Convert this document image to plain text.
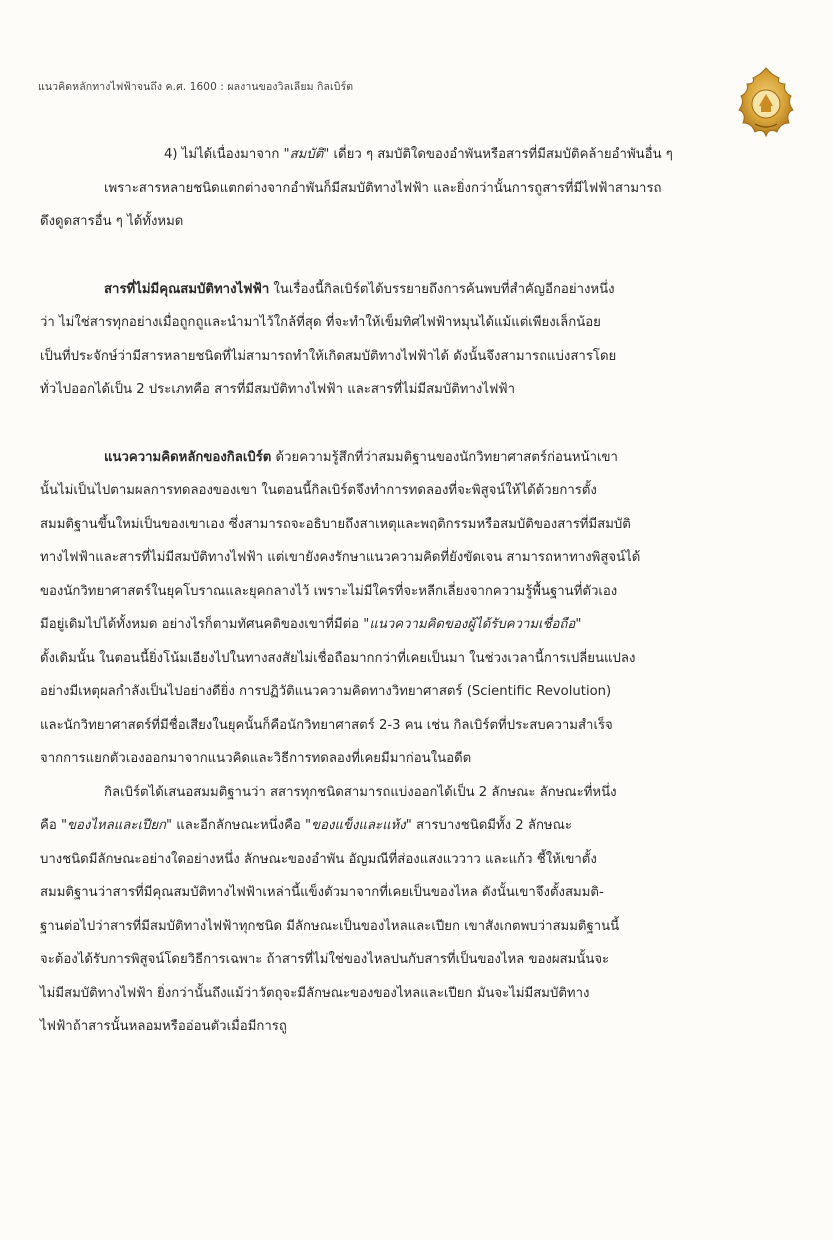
แนวคิดหลักทางไฟฟ้าจนถึง ค.ศ. 1600 : ผลงานของวิลเลียม กิลเบิร์ต
4) ไม่ได้เนื่องมาจาก "สมบัติ" เดี่ยว ๆ สมบัติใดของอำพันหรือสารที่มีสมบัติคล้ายอำพันอื่น ๆ
เพราะสารหลายชนิดแตกต่างจากอำพันก็มีสมบัติทางไฟฟ้า และยิ่งกว่านั้นการถูสารที่มีไฟฟ้าสามารถ
ดึงดูดสารอื่น ๆ ได้ทั้งหมด
สารที่ไม่มีคุณสมบัติทางไฟฟ้า ในเรื่องนี้กิลเบิร์ตได้บรรยายถึงการค้นพบที่สำคัญอีกอย่างหนึ่ง
ว่า ไม่ใช่สารทุกอย่างเมื่อถูกถูและนำมาไว้ใกล้ที่สุด ที่จะทำให้เข็มทิศไฟฟ้าหมุนได้แม้แต่เพียงเล็กน้อย
เป็นที่ประจักษ์ว่ามีสารหลายชนิดที่ไม่สามารถทำให้เกิดสมบัติทางไฟฟ้าได้ ดังนั้นจึงสามารถแบ่งสารโดย
ทั่วไปออกได้เป็น 2 ประเภทคือ สารที่มีสมบัติทางไฟฟ้า และสารที่ไม่มีสมบัติทางไฟฟ้า
แนวความคิดหลักของกิลเบิร์ต ด้วยความรู้สึกที่ว่าสมมติฐานของนักวิทยาศาสตร์ก่อนหน้าเขา
นั้นไม่เป็นไปตามผลการทดลองของเขา ในตอนนี้กิลเบิร์ตจึงทำการทดลองที่จะพิสูจน์ให้ได้ด้วยการตั้ง
สมมติฐานขึ้นใหม่เป็นของเขาเอง ซึ่งสามารถจะอธิบายถึงสาเหตุและพฤติกรรมหรือสมบัติของสารที่มีสมบัติ
ทางไฟฟ้าและสารที่ไม่มีสมบัติทางไฟฟ้า แต่เขายังคงรักษาแนวความคิดที่ยังขัดเจน สามารถหาทางพิสูจน์ได้
ของนักวิทยาศาสตร์ในยุคโบราณและยุคกลางไว้ เพราะไม่มีใครที่จะหลีกเลี่ยงจากความรู้พื้นฐานที่ตัวเอง
มีอยู่เดิมไปได้ทั้งหมด อย่างไรก็ตามทัศนคติของเขาที่มีต่อ "แนวความคิดของผู้ได้รับความเชื่อถือ"
ดั้งเดิมนั้น ในตอนนี้ยิ่งโน้มเอียงไปในทางสงสัยไม่เชื่อถือมากกว่าที่เคยเป็นมา ในช่วงเวลานี้การเปลี่ยนแปลง
อย่างมีเหตุผลกำลังเป็นไปอย่างดียิ่ง การปฏิวัติแนวความคิดทางวิทยาศาสตร์ (Scientific Revolution)
และนักวิทยาศาสตร์ที่มีชื่อเสียงในยุคนั้นก็คือนักวิทยาศาสตร์ 2-3 คน เช่น กิลเบิร์ตที่ประสบความสำเร็จ
จากการแยกตัวเองออกมาจากแนวคิดและวิธีการทดลองที่เคยมีมาก่อนในอดีต
กิลเบิร์ตได้เสนอสมมติฐานว่า สสารทุกชนิดสามารถแบ่งออกได้เป็น 2 ลักษณะ ลักษณะที่หนึ่ง
คือ "ของไหลและเปียก" และอีกลักษณะหนึ่งคือ "ของแข็งและแห้ง" สารบางชนิดมีทั้ง 2 ลักษณะ
บางชนิดมีลักษณะอย่างใดอย่างหนึ่ง ลักษณะของอำพัน อัญมณีที่ส่องแสงแววาว และแก้ว ชี้ให้เขาตั้ง
สมมติฐานว่าสารที่มีคุณสมบัติทางไฟฟ้าเหล่านี้แข็งตัวมาจากที่เคยเป็นของไหล ดังนั้นเขาจึงตั้งสมมติ-
ฐานต่อไปว่าสารที่มีสมบัติทางไฟฟ้าทุกชนิด มีลักษณะเป็นของไหลและเปียก เขาสังเกตพบว่าสมมติฐานนี้
จะต้องได้รับการพิสูจน์โดยวิธีการเฉพาะ ถ้าสารที่ไม่ใช่ของไหลปนกับสารที่เป็นของไหล ของผสมนั้นจะ
ไม่มีสมบัติทางไฟฟ้า ยิ่งกว่านั้นถึงแม้ว่าวัตถุจะมีลักษณะของของไหลและเปียก มันจะไม่มีสมบัติทาง
ไฟฟ้าถ้าสารนั้นหลอมหรืออ่อนตัวเมื่อมีการถู
